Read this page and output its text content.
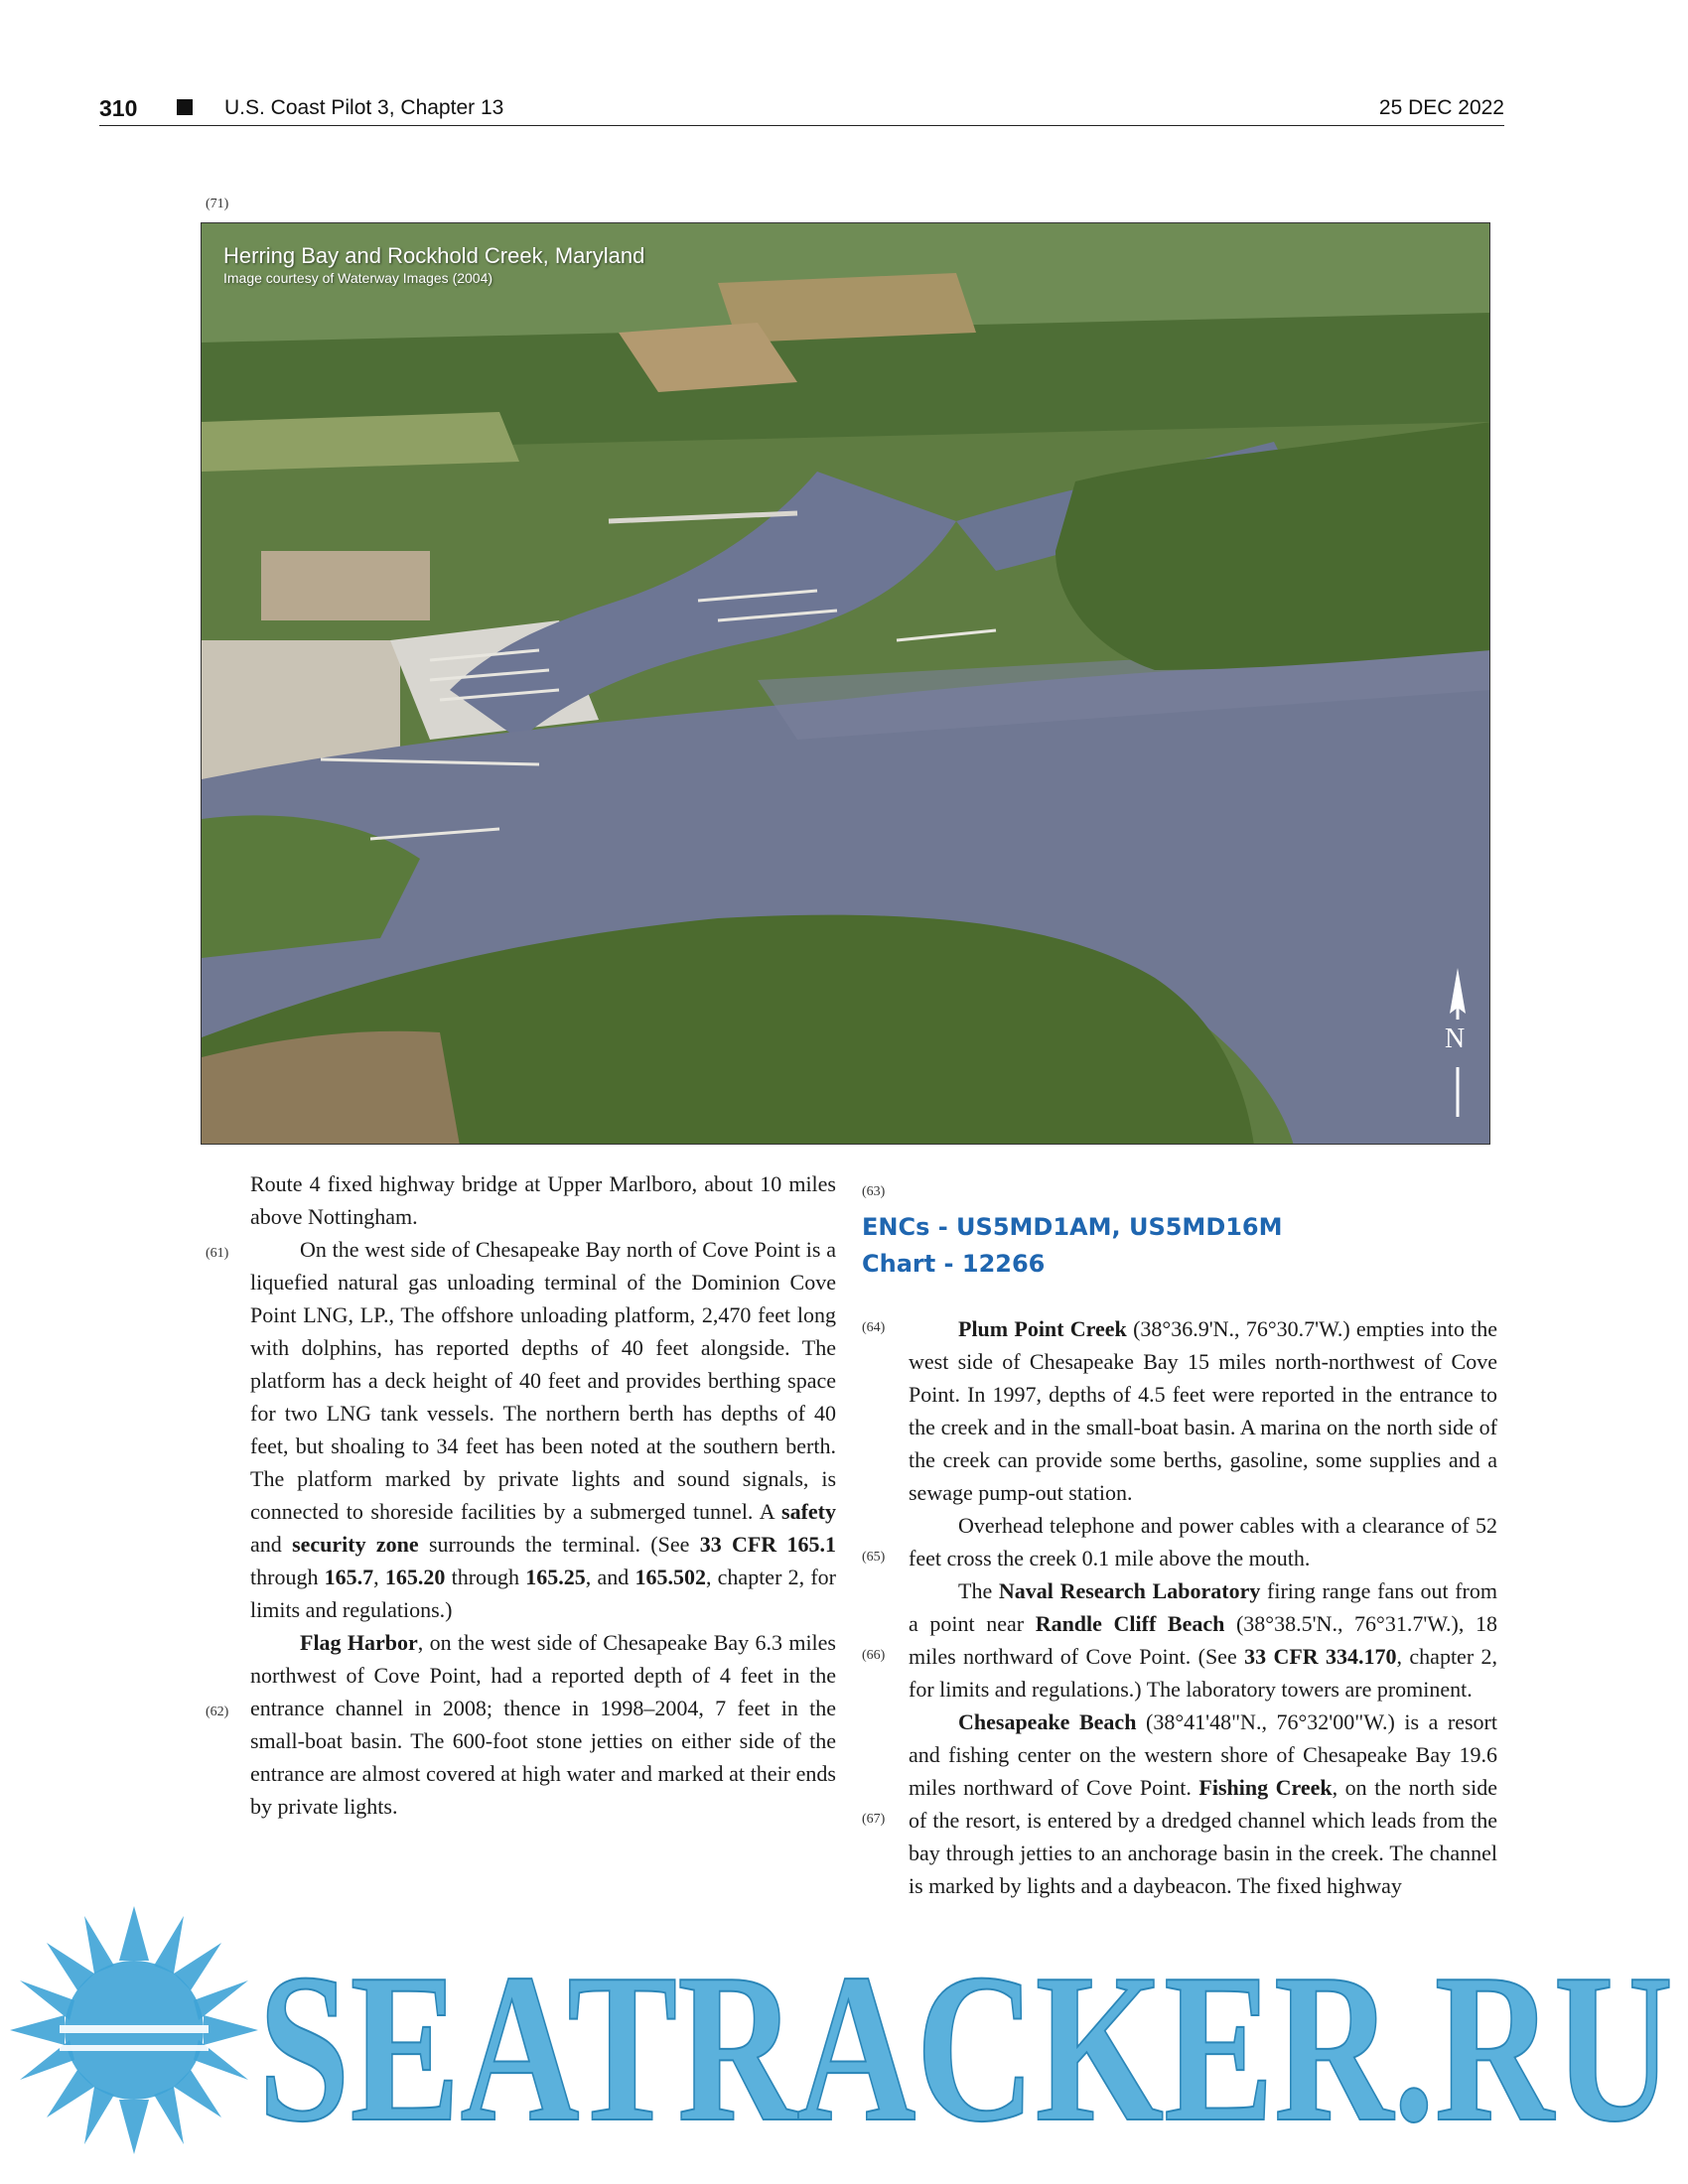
310	U.S. Coast Pilot 3, Chapter 13	25 DEC 2022
(71)
Herring Bay and Rockhold Creek, Maryland
Image courtesy of Waterway Images (2004)
N

Route 4 fixed highway bridge at Upper Marlboro, about 10 miles above Nottingham.

On the west side of Chesapeake Bay north of Cove Point is a liquefied natural gas unloading terminal of the Dominion Cove Point LNG, LP., The offshore unloading platform, 2,470 feet long with dolphins, has reported depths of 40 feet alongside. The platform has a deck height of 40 feet and provides berthing space for two LNG tank vessels. The northern berth has depths of 40 feet, but shoaling to 34 feet has been noted at the southern berth. The platform marked by private lights and sound signals, is connected to shoreside facilities by a submerged tunnel. A safety and security zone surrounds the terminal. (See 33 CFR 165.1 through 165.7, 165.20 through 165.25, and 165.502, chapter 2, for limits and regulations.)

Flag Harbor, on the west side of Chesapeake Bay 6.3 miles northwest of Cove Point, had a reported depth of 4 feet in the entrance channel in 2008; thence in 1998–2004, 7 feet in the small-boat basin. The 600-foot stone jetties on either side of the entrance are almost covered at high water and marked at their ends by private lights.

(61)
(62)
(63)
ENCs - US5MD1AM, US5MD16M
Chart - 12266

Plum Point Creek (38°36.9'N., 76°30.7'W.) empties into the west side of Chesapeake Bay 15 miles north-northwest of Cove Point. In 1997, depths of 4.5 feet were reported in the entrance to the creek and in the small-boat basin. A marina on the north side of the creek can provide some berths, gasoline, some supplies and a sewage pump-out station.

Overhead telephone and power cables with a clearance of 52 feet cross the creek 0.1 mile above the mouth.

The Naval Research Laboratory firing range fans out from a point near Randle Cliff Beach (38°38.5'N., 76°31.7'W.), 18 miles northward of Cove Point. (See 33 CFR 334.170, chapter 2, for limits and regulations.) The laboratory towers are prominent.

Chesapeake Beach (38°41'48"N., 76°32'00"W.) is a resort and fishing center on the western shore of Chesapeake Bay 19.6 miles northward of Cove Point. Fishing Creek, on the north side of the resort, is entered by a dredged channel which leads from the bay through jetties to an anchorage basin in the creek. The channel is marked by lights and a daybeacon. The fixed highway

(64)
(65)
(66)
(67)
SEATRACKER.RU
